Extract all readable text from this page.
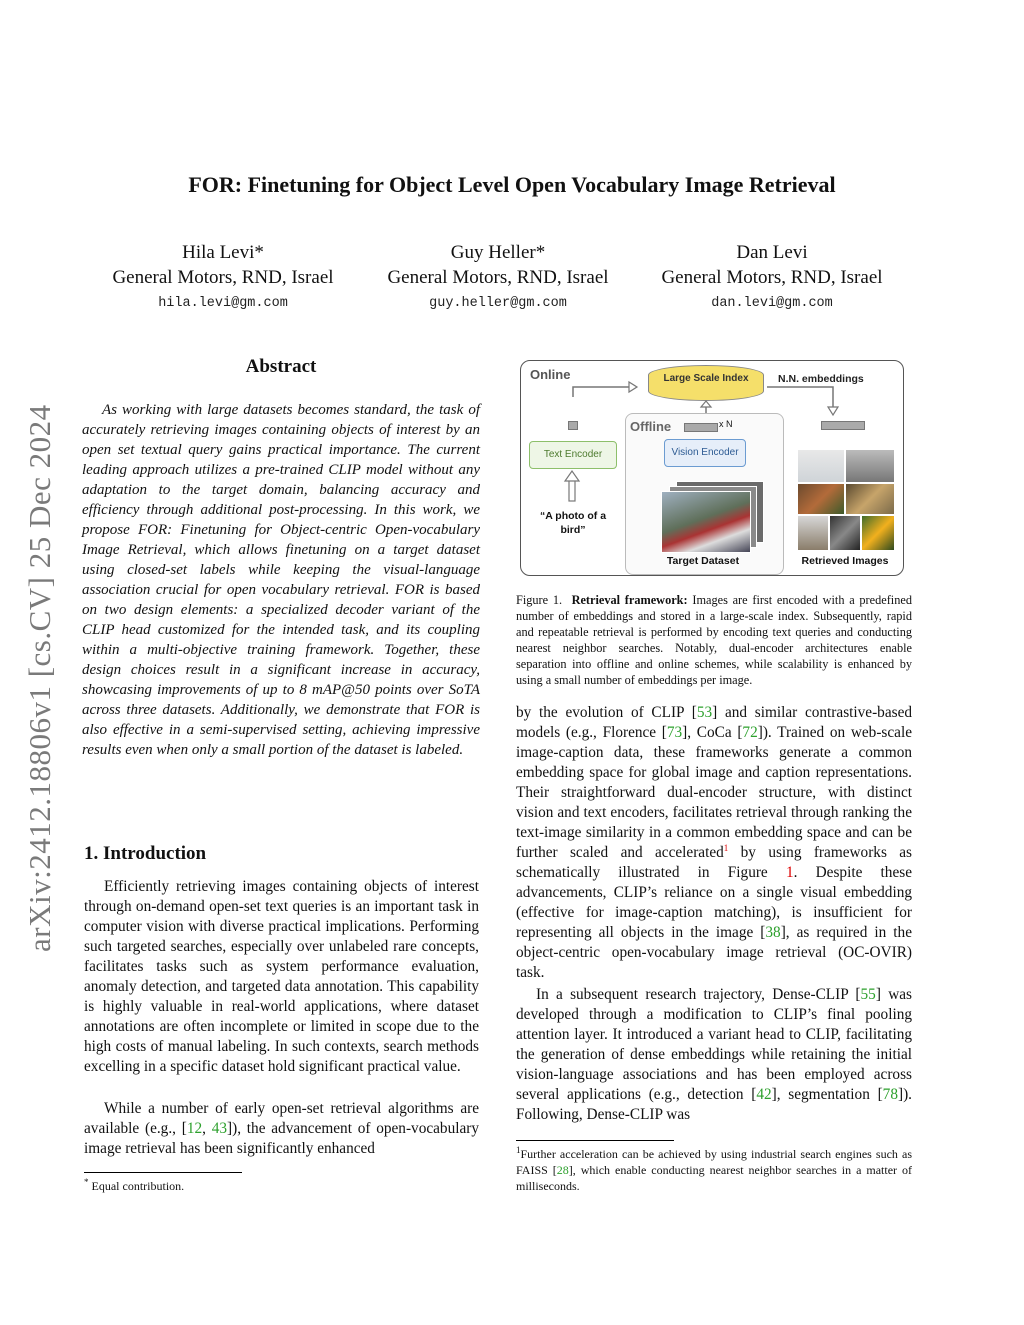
arXiv:2412.18806v1 [cs.CV] 25 Dec 2024
FOR: Finetuning for Object Level Open Vocabulary Image Retrieval
Hila Levi*
General Motors, RND, Israel
hila.levi@gm.com
Guy Heller*
General Motors, RND, Israel
guy.heller@gm.com
Dan Levi
General Motors, RND, Israel
dan.levi@gm.com
Abstract
As working with large datasets becomes standard, the task of accurately retrieving images containing objects of interest by an open set textual query gains practical importance. The current leading approach utilizes a pre-trained CLIP model without any adaptation to the target domain, balancing accuracy and efficiency through additional post-processing. In this work, we propose FOR: Finetuning for Object-centric Open-vocabulary Image Retrieval, which allows finetuning on a target dataset using closed-set labels while keeping the visual-language association crucial for open vocabulary retrieval. FOR is based on two design elements: a specialized decoder variant of the CLIP head customized for the intended task, and its coupling within a multi-objective training framework. Together, these design choices result in a significant increase in accuracy, showcasing improvements of up to 8 mAP@50 points over SoTA across three datasets. Additionally, we demonstrate that FOR is also effective in a semi-supervised setting, achieving impressive results even when only a small portion of the dataset is labeled.
1. Introduction
Efficiently retrieving images containing objects of interest through on-demand open-set text queries is an important task in computer vision with diverse practical implications. Performing such targeted searches, especially over unlabeled rare concepts, facilitates tasks such as system performance evaluation, anomaly detection, and targeted data annotation. This capability is highly valuable in real-world applications, where dataset annotations are often incomplete or limited in scope due to the high costs of manual labeling. In such contexts, search methods excelling in a specific dataset hold significant practical value.
While a number of early open-set retrieval algorithms are available (e.g., [12, 43]), the advancement of open-vocabulary image retrieval has been significantly enhanced
* Equal contribution.
Online	Large Scale Index	N.N. embeddings
Offline	x N
Text Encoder	Vision Encoder
“A photo of a bird”
Target Dataset	Retrieved Images
Figure 1. Retrieval framework: Images are first encoded with a predefined number of embeddings and stored in a large-scale index. Subsequently, rapid and repeatable retrieval is performed by encoding text queries and conducting nearest neighbor searches. Notably, dual-encoder architectures enable separation into offline and online schemes, while scalability is enhanced by using a small number of embeddings per image.
by the evolution of CLIP [53] and similar contrastive-based models (e.g., Florence [73], CoCa [72]). Trained on web-scale image-caption data, these frameworks generate a common embedding space for global image and caption representations. Their straightforward dual-encoder structure, with distinct vision and text encoders, facilitates retrieval through ranking the text-image similarity in a common embedding space and can be further scaled and accelerated$^1$ by using frameworks as schematically illustrated in Figure 1. Despite these advancements, CLIP’s reliance on a single visual embedding (effective for image-caption matching), is insufficient for representing all objects in the image [38], as required in the object-centric open-vocabulary image retrieval (OC-OVIR) task.
In a subsequent research trajectory, Dense-CLIP [55] was developed through a modification to CLIP’s final pooling attention layer. It introduced a variant head to CLIP, facilitating the generation of dense embeddings while retaining the initial vision-language associations and has been employed across several applications (e.g., detection [42], segmentation [78]). Following, Dense-CLIP was
$^1$Further acceleration can be achieved by using industrial search engines such as FAISS [28], which enable conducting nearest neighbor searches in a matter of milliseconds.
